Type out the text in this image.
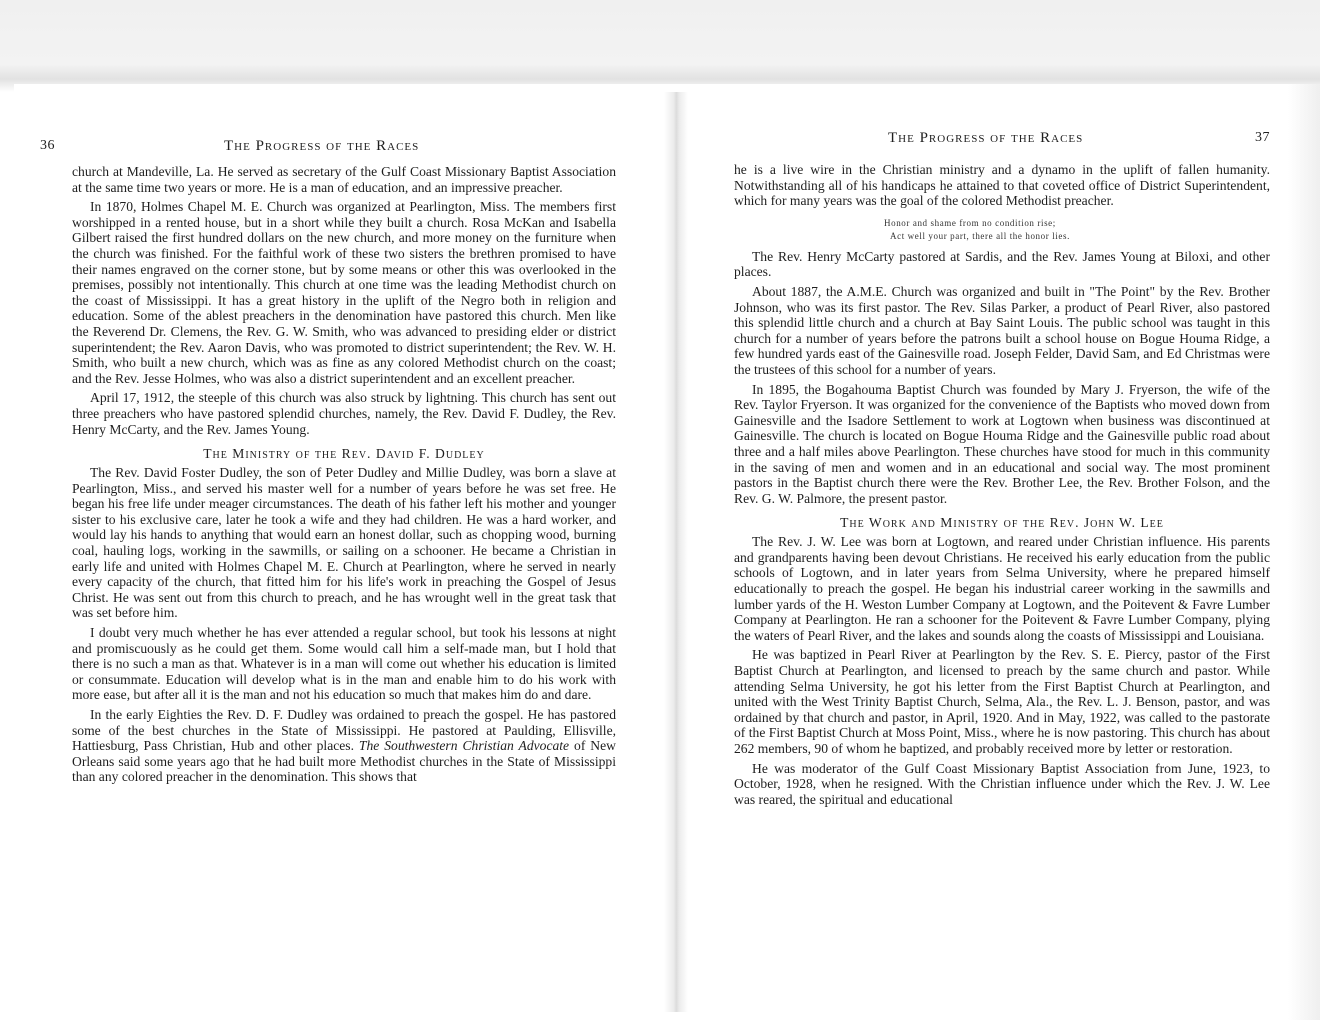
36	The Progress of the Races

church at Mandeville, La. He served as secretary of the Gulf Coast Missionary Baptist Association at the same time two years or more. He is a man of education, and an impressive preacher.

In 1870, Holmes Chapel M. E. Church was organized at Pearlington, Miss. The members first worshipped in a rented house, but in a short while they built a church. Rosa McKan and Isabella Gilbert raised the first hundred dollars on the new church, and more money on the furniture when the church was finished. For the faithful work of these two sisters the brethren promised to have their names engraved on the corner stone, but by some means or other this was overlooked in the premises, possibly not intentionally. This church at one time was the leading Methodist church on the coast of Mississippi. It has a great history in the uplift of the Negro both in religion and education. Some of the ablest preachers in the denomination have pastored this church. Men like the Reverend Dr. Clemens, the Rev. G. W. Smith, who was advanced to presiding elder or district superintendent; the Rev. Aaron Davis, who was promoted to district superintendent; the Rev. W. H. Smith, who built a new church, which was as fine as any colored Methodist church on the coast; and the Rev. Jesse Holmes, who was also a district superintendent and an excellent preacher.

April 17, 1912, the steeple of this church was also struck by lightning. This church has sent out three preachers who have pastored splendid churches, namely, the Rev. David F. Dudley, the Rev. Henry McCarty, and the Rev. James Young.

The Ministry of the Rev. David F. Dudley

The Rev. David Foster Dudley, the son of Peter Dudley and Millie Dudley, was born a slave at Pearlington, Miss., and served his master well for a number of years before he was set free. He began his free life under meager circumstances. The death of his father left his mother and younger sister to his exclusive care, later he took a wife and they had children. He was a hard worker, and would lay his hands to anything that would earn an honest dollar, such as chopping wood, burning coal, hauling logs, working in the sawmills, or sailing on a schooner. He became a Christian in early life and united with Holmes Chapel M. E. Church at Pearlington, where he served in nearly every capacity of the church, that fitted him for his life's work in preaching the Gospel of Jesus Christ. He was sent out from this church to preach, and he has wrought well in the great task that was set before him.

I doubt very much whether he has ever attended a regular school, but took his lessons at night and promiscuously as he could get them. Some would call him a self-made man, but I hold that there is no such a man as that. Whatever is in a man will come out whether his education is limited or consummate. Education will develop what is in the man and enable him to do his work with more ease, but after all it is the man and not his education so much that makes him do and dare.

In the early Eighties the Rev. D. F. Dudley was ordained to preach the gospel. He has pastored some of the best churches in the State of Mississippi. He pastored at Paulding, Ellisville, Hattiesburg, Pass Christian, Hub and other places. The Southwestern Christian Advocate of New Orleans said some years ago that he had built more Methodist churches in the State of Mississippi than any colored preacher in the denomination. This shows that

The Progress of the Races	37

he is a live wire in the Christian ministry and a dynamo in the uplift of fallen humanity. Notwithstanding all of his handicaps he attained to that coveted office of District Superintendent, which for many years was the goal of the colored Methodist preacher.

Honor and shame from no condition rise;
Act well your part, there all the honor lies.

The Rev. Henry McCarty pastored at Sardis, and the Rev. James Young at Biloxi, and other places.

About 1887, the A.M.E. Church was organized and built in "The Point" by the Rev. Brother Johnson, who was its first pastor. The Rev. Silas Parker, a product of Pearl River, also pastored this splendid little church and a church at Bay Saint Louis. The public school was taught in this church for a number of years before the patrons built a school house on Bogue Houma Ridge, a few hundred yards east of the Gainesville road. Joseph Felder, David Sam, and Ed Christmas were the trustees of this school for a number of years.

In 1895, the Bogahouma Baptist Church was founded by Mary J. Fryerson, the wife of the Rev. Taylor Fryerson. It was organized for the convenience of the Baptists who moved down from Gainesville and the Isadore Settlement to work at Logtown when business was discontinued at Gainesville. The church is located on Bogue Houma Ridge and the Gainesville public road about three and a half miles above Pearlington. These churches have stood for much in this community in the saving of men and women and in an educational and social way. The most prominent pastors in the Baptist church there were the Rev. Brother Lee, the Rev. Brother Folson, and the Rev. G. W. Palmore, the present pastor.

The Work and Ministry of the Rev. John W. Lee

The Rev. J. W. Lee was born at Logtown, and reared under Christian influence. His parents and grandparents having been devout Christians. He received his early education from the public schools of Logtown, and in later years from Selma University, where he prepared himself educationally to preach the gospel. He began his industrial career working in the sawmills and lumber yards of the H. Weston Lumber Company at Logtown, and the Poitevent & Favre Lumber Company at Pearlington. He ran a schooner for the Poitevent & Favre Lumber Company, plying the waters of Pearl River, and the lakes and sounds along the coasts of Mississippi and Louisiana.

He was baptized in Pearl River at Pearlington by the Rev. S. E. Piercy, pastor of the First Baptist Church at Pearlington, and licensed to preach by the same church and pastor. While attending Selma University, he got his letter from the First Baptist Church at Pearlington, and united with the West Trinity Baptist Church, Selma, Ala., the Rev. L. J. Benson, pastor, and was ordained by that church and pastor, in April, 1920. And in May, 1922, was called to the pastorate of the First Baptist Church at Moss Point, Miss., where he is now pastoring. This church has about 262 members, 90 of whom he baptized, and probably received more by letter or restoration.

He was moderator of the Gulf Coast Missionary Baptist Association from June, 1923, to October, 1928, when he resigned. With the Christian influence under which the Rev. J. W. Lee was reared, the spiritual and educational
